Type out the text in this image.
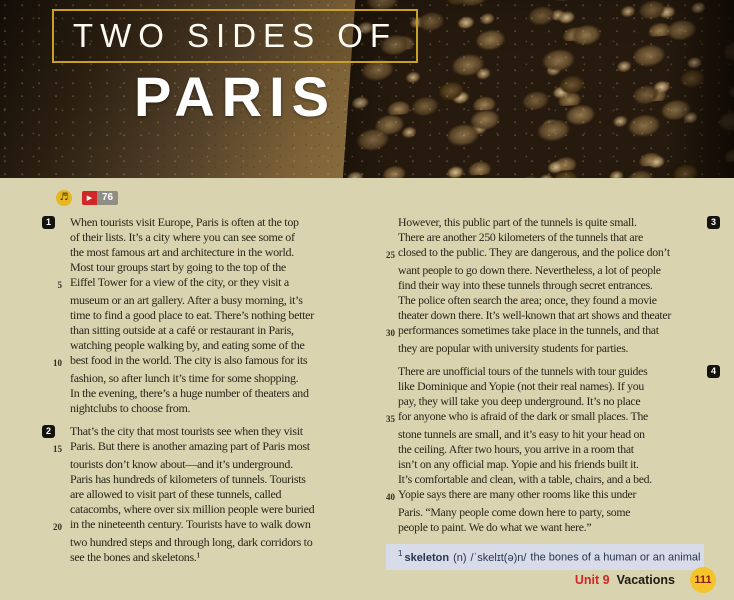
TWO SIDES OF
PARIS
♬	▶ 76
1	When tourists visit Europe, Paris is often at the top
of their lists. It’s a city where you can see some of
the most famous art and architecture in the world.
Most tour groups start by going to the top of the
5 Eiffel Tower for a view of the city, or they visit a
museum or an art gallery. After a busy morning, it’s
time to find a good place to eat. There’s nothing better
than sitting outside at a café or restaurant in Paris,
watching people walking by, and eating some of the
10 best food in the world. The city is also famous for its
fashion, so after lunch it’s time for some shopping.
In the evening, there’s a huge number of theaters and
nightclubs to choose from.
2	That’s the city that most tourists see when they visit
15 Paris. But there is another amazing part of Paris most
tourists don’t know about—and it’s underground.
Paris has hundreds of kilometers of tunnels. Tourists
are allowed to visit part of these tunnels, called
catacombs, where over six million people were buried
20 in the nineteenth century. Tourists have to walk down
two hundred steps and through long, dark corridors to
see the bones and skeletons.¹
3
However, this public part of the tunnels is quite small.
There are another 250 kilometers of the tunnels that are
25 closed to the public. They are dangerous, and the police don’t
want people to go down there. Nevertheless, a lot of people
find their way into these tunnels through secret entrances.
The police often search the area; once, they found a movie
theater down there. It’s well-known that art shows and theater
30 performances sometimes take place in the tunnels, and that
they are popular with university students for parties.
4
There are unofficial tours of the tunnels with tour guides
like Dominique and Yopie (not their real names). If you
pay, they will take you deep underground. It’s no place
35 for anyone who is afraid of the dark or small places. The
stone tunnels are small, and it’s easy to hit your head on
the ceiling. After two hours, you arrive in a room that
isn’t on any official map. Yopie and his friends built it.
It’s comfortable and clean, with a table, chairs, and a bed.
40 Yopie says there are many other rooms like this under
Paris. “Many people come down here to party, some
people to paint. We do what we want here.”
$^1$ skeleton (n) /ˈskelɪt(ə)n/ the bones of a human or an animal
Unit 9 Vacations	111
